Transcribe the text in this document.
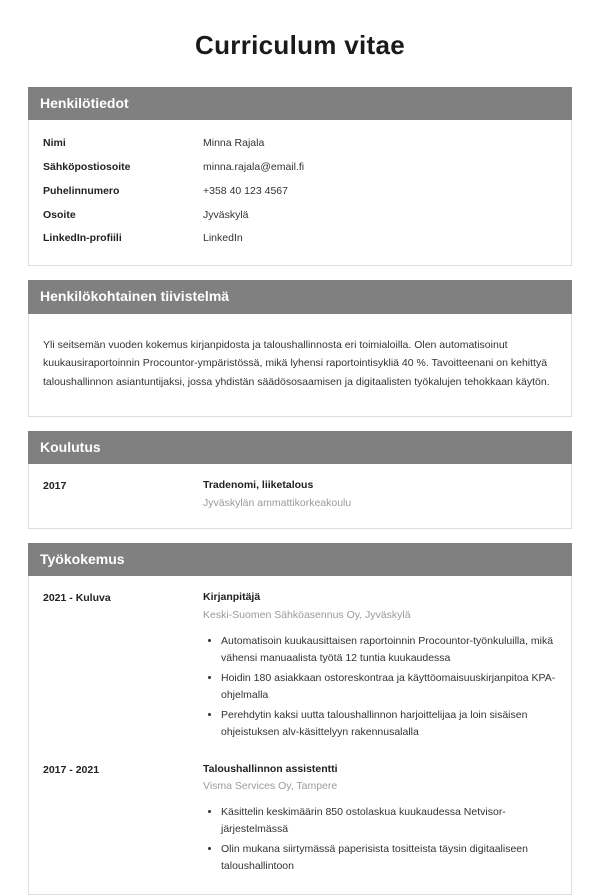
Curriculum vitae
Henkilötiedot
Nimi	Minna Rajala
Sähköpostiosoite	minna.rajala@email.fi
Puhelinnumero	+358 40 123 4567
Osoite	Jyväskylä
LinkedIn-profiili	LinkedIn
Henkilökohtainen tiivistelmä

Yli seitsemän vuoden kokemus kirjanpidosta ja taloushallinnosta eri toimialoilla. Olen automatisoinut kuukausiraportoinnin Procountor-ympäristössä, mikä lyhensi raportointisykliä 40 %. Tavoitteenani on kehittyä taloushallinnon asiantuntijaksi, jossa yhdistän säädösosaamisen ja digitaalisten työkalujen tehokkaan käytön.

Koulutus
2017	Tradenomi, liiketalous
Jyväskylän ammattikorkeakoulu
Työkokemus
2021 - Kuluva	Kirjanpitäjä
Keski-Suomen Sähköasennus Oy, Jyväskylä
• Automatisoin kuukausittaisen raportoinnin Procountor-työnkuluilla, mikä vähensi manuaalista työtä 12 tuntia kuukaudessa
• Hoidin 180 asiakkaan ostoreskontraa ja käyttöomaisuuskirjanpitoa KPA-ohjelmalla
• Perehdytin kaksi uutta taloushallinnon harjoittelijaa ja loin sisäisen ohjeistuksen alv-käsittelyyn rakennusalalla
2017 - 2021	Taloushallinnon assistentti
Visma Services Oy, Tampere
• Käsittelin keskimäärin 850 ostolaskua kuukaudessa Netvisor-järjestelmässä
• Olin mukana siirtymässä paperisista tositteista täysin digitaaliseen taloushallintoon
